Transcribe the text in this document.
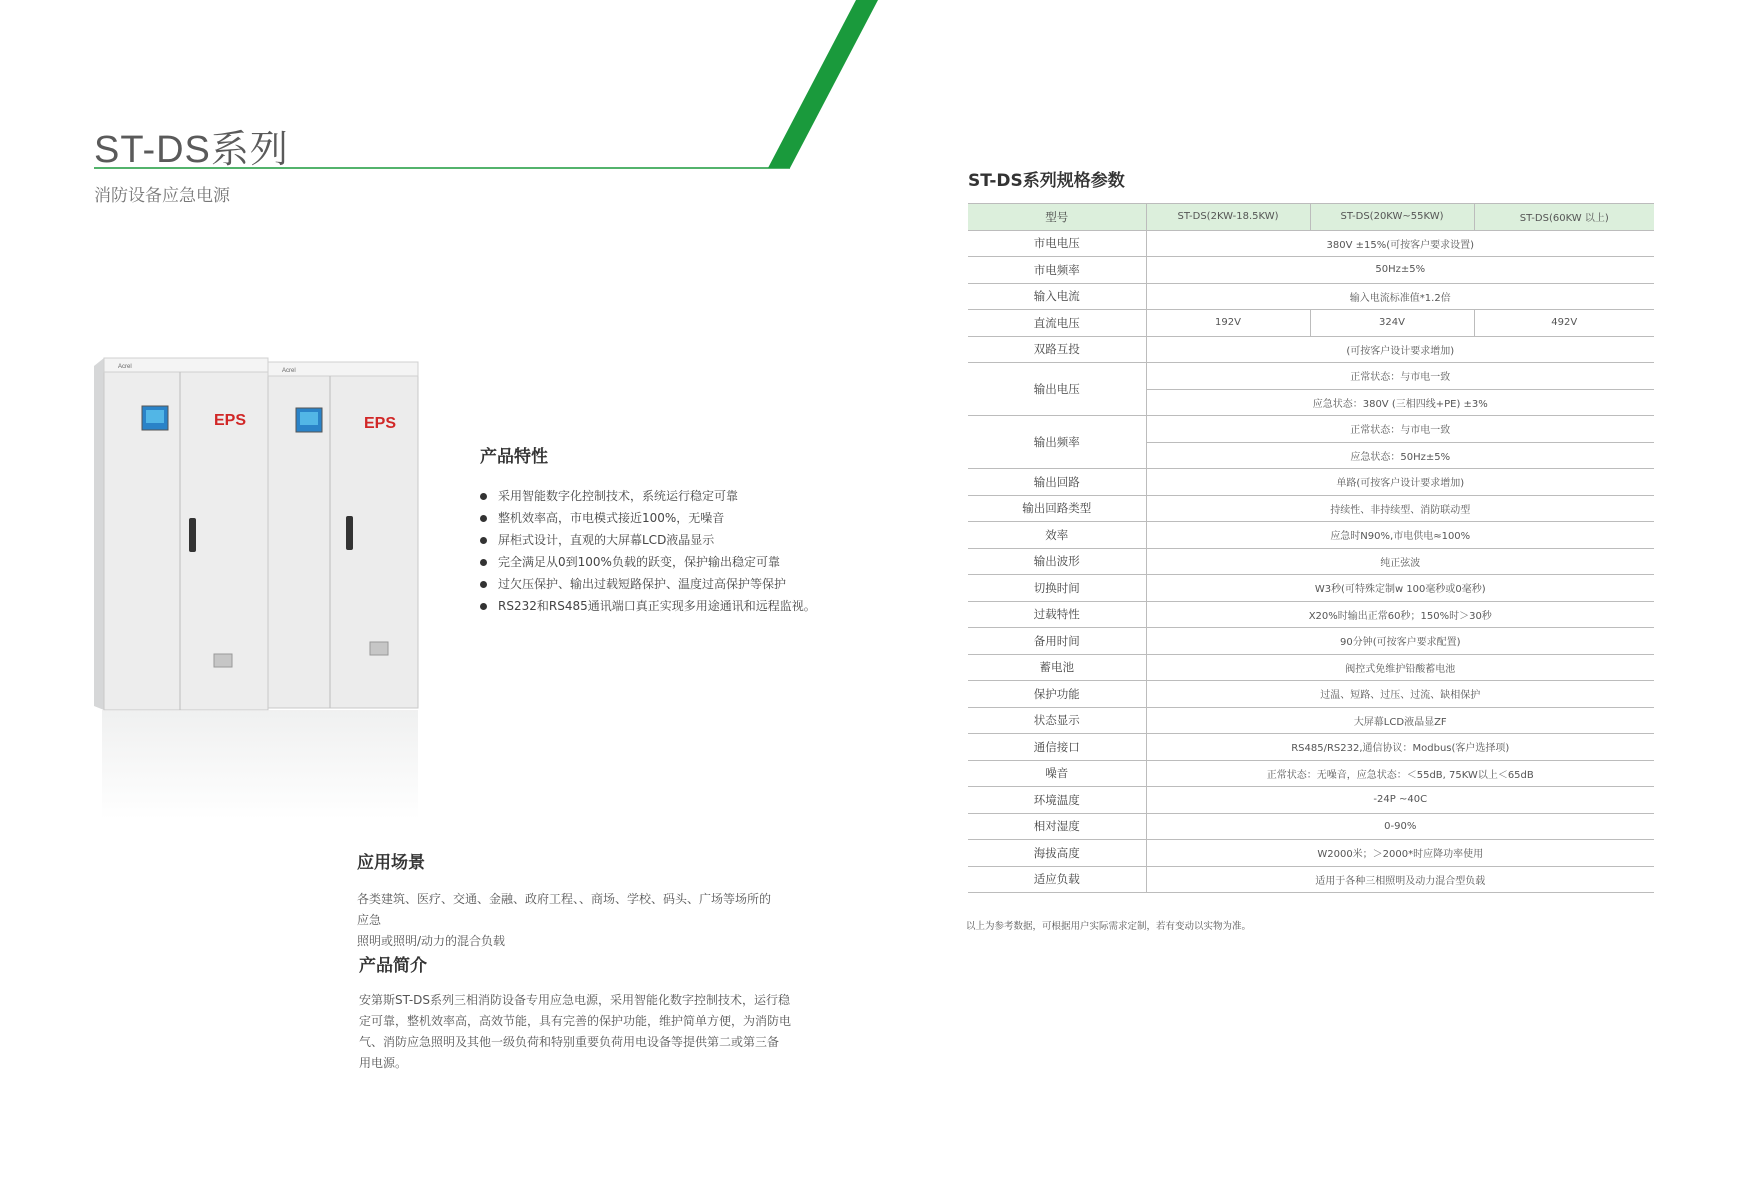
ST-DS系列

消防设备应急电源

EPS
Acrel
EPS
Acrel
产品特性
采用智能数字化控制技术，系统运行稳定可靠
整机效率高，市电模式接近100%，无噪音
屏柜式设计，直观的大屏幕LCD液晶显示
完全满足从0到100%负载的跃变，保护输出稳定可靠
过欠压保护、输出过载短路保护、温度过高保护等保护
RS232和RS485通讯端口真正实现多用途通讯和远程监视。
应用场景

各类建筑、医疗、交通、金融、政府工程、、商场、学校、码头、广场等场所的应急

照明或照明/动力的混合负载

产品简介

安第斯ST-DS系列三相消防设备专用应急电源，采用智能化数字控制技术，运行稳

定可靠，整机效率高，高效节能，具有完善的保护功能，维护简单方便，为消防电

气、消防应急照明及其他一级负荷和特别重要负荷用电设备等提供第二或第三备

用电源。

ST-DS系列规格参数
型号	ST-DS(2KW-18.5KW)	ST-DS(20KW~55KW)	ST-DS(60KW 以上)
市电电压	380V ±15%(可按客户要求设置)		
市电频率	50Hz±5%		
输入电流	输入电流标准值*1.2倍		
直流电压	192V	324V	492V
双路互投	(可按客户设计要求增加)		
输出电压	正常状态：与市电一致		
	应急状态：380V (三相四线+PE) ±3%		
输出频率	正常状态：与市电一致		
	应急状态：50Hz±5%		
输出回路	单路(可按客户设计要求增加)		
输出回路类型	持续性、非持续型、消防联动型		
效率	应急时N90%,市电供电≈100%		
输出波形	纯正弦波		
切换时间	W3秒(可特殊定制w 100毫秒或0毫秒)		
过载特性	X20%时输出正常60秒；150%时＞30秒		
备用时间	90分钟(可按客户要求配置)		
蓄电池	阀控式免维护铅酸蓄电池		
保护功能	过温、短路、过压、过流、缺相保护		
状态显示	大屏幕LCD液晶显ZF		
通信接口	RS485/RS232,通信协议：Modbus(客户选择项)		
噪音	正常状态：无噪音，应急状态：＜55dB, 75KW以上＜65dB		
环境温度	-24P ~40C		
相对湿度	0-90%		
海拔高度	W2000米；＞2000*时应降功率使用		
适应负载	适用于各种三相照明及动力混合型负载		

以上为参考数据，可根据用户实际需求定制，若有变动以实物为准。
